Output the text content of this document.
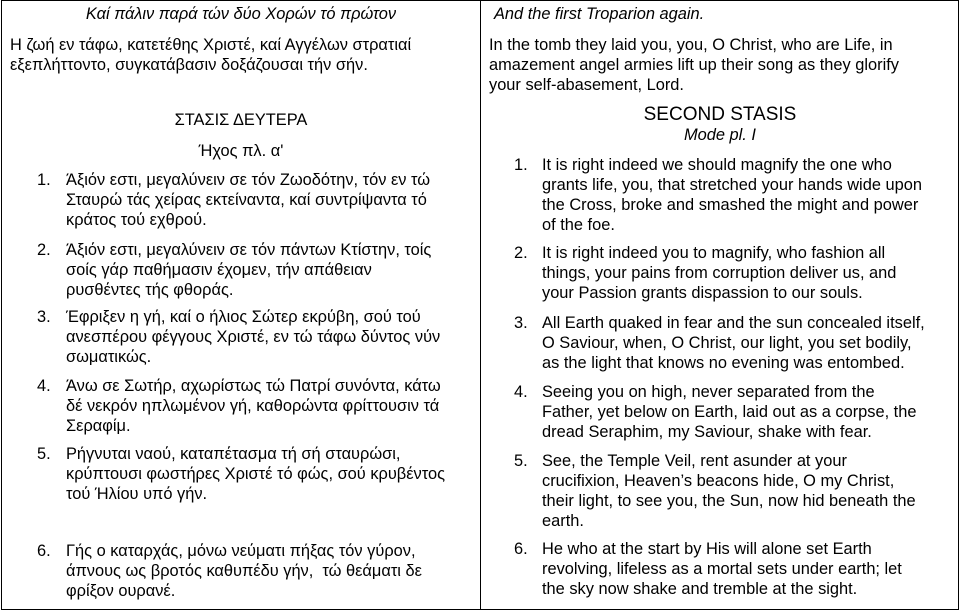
Καί πάλιν παρά τών δύο Χορών τό πρώτον
Η ζωή εν τάφω, κατετέθης Χριστέ, καί Αγγέλων στρατιαί
εξεπλήττοντο, συγκατάβασιν δοξάζουσαι τήν σήν.
ΣΤΑΣΙΣ ΔΕΥΤΕΡΑ
Ήχος πλ. α'
1. Άξιόν εστι, μεγαλύνειν σε τόν Ζωοδότην, τόν εν τώ
Σταυρώ τάς χείρας εκτείναντα, καί συντρίψαντα τό
κράτος τού εχθρού.
2. Άξιόν εστι, μεγαλύνειν σε τόν πάντων Κτίστην, τοίς
σοίς γάρ παθήμασιν έχομεν, τήν απάθειαν
ρυσθέντες τής φθοράς.
3. Έφριξεν η γή, καί ο ήλιος Σώτερ εκρύβη, σού τού
ανεσπέρου φέγγους Χριστέ, εν τώ τάφω δύντος νύν
σωματικώς.
4. Άνω σε Σωτήρ, αχωρίστως τώ Πατρί συνόντα, κάτω
δέ νεκρόν ηπλωμένον γή, καθορώντα φρίττουσιν τά
Σεραφίμ.
5. Ρήγνυται ναού, καταπέτασμα τή σή σταυρώσι,
κρύπτουσι φωστήρες Χριστέ τό φώς, σού κρυβέντος
τού Ήλίου υπό γήν.
6. Γής ο καταρχάς, μόνω νεύματι πήξας τόν γύρον,
άπνους ως βροτός καθυπέδυ γήν,  τώ θεάματι δε
φρίξον ουρανέ.
And the first Troparion again.
In the tomb they laid you, you, O Christ, who are Life, in
amazement angel armies lift up their song as they glorify
your self-abasement, Lord.
SECOND STASIS
Mode pl. I
1. It is right indeed we should magnify the one who
grants life, you, that stretched your hands wide upon
the Cross, broke and smashed the might and power
of the foe.
2. It is right indeed you to magnify, who fashion all
things, your pains from corruption deliver us, and
your Passion grants dispassion to our souls.
3. All Earth quaked in fear and the sun concealed itself,
O Saviour, when, O Christ, our light, you set bodily,
as the light that knows no evening was entombed.
4. Seeing you on high, never separated from the
Father, yet below on Earth, laid out as a corpse, the
dread Seraphim, my Saviour, shake with fear.
5. See, the Temple Veil, rent asunder at your
crucifixion, Heaven’s beacons hide, O my Christ,
their light, to see you, the Sun, now hid beneath the
earth.
6. He who at the start by His will alone set Earth
revolving, lifeless as a mortal sets under earth; let
the sky now shake and tremble at the sight.
